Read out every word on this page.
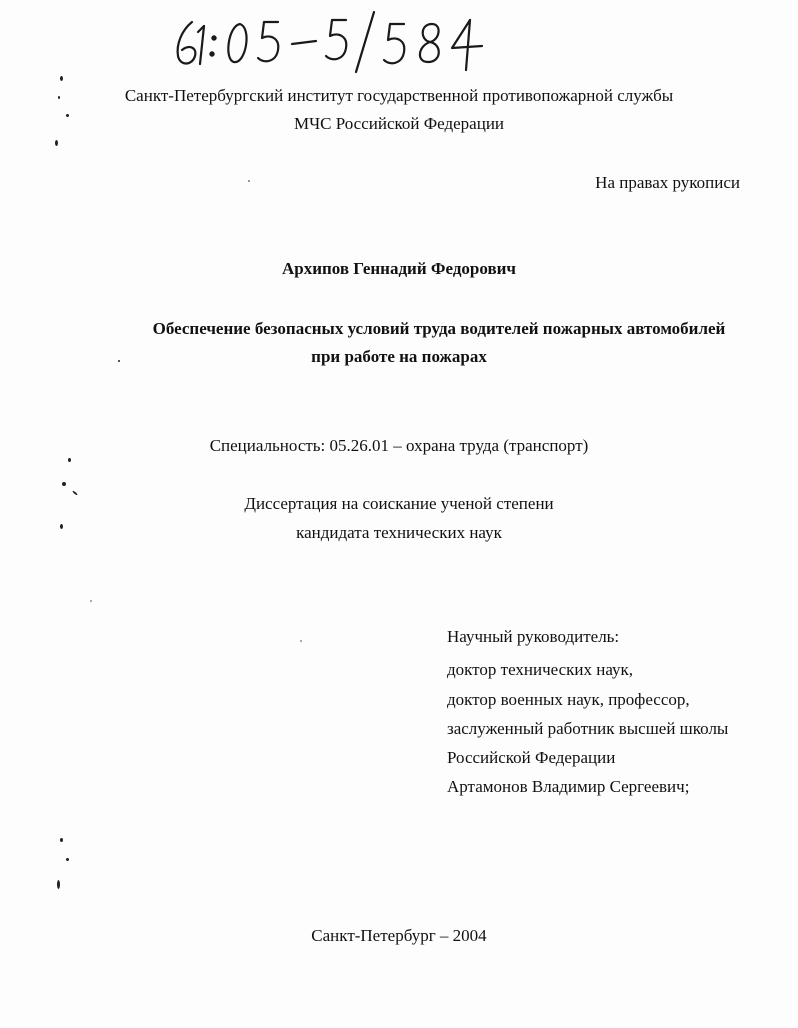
Санкт-Петербургский институт государственной противопожарной службы
МЧС Российской Федерации
На правах рукописи
Архипов Геннадий Федорович
Обеспечение безопасных условий труда водителей пожарных автомобилей
при работе на пожарах
Специальность: 05.26.01 – охрана труда (транспорт)
Диссертация на соискание ученой степени
кандидата технических наук
Научный руководитель:
доктор технических наук,
доктор военных наук, профессор,
заслуженный работник высшей школы
Российской Федерации
Артамонов Владимир Сергеевич;
Санкт-Петербург – 2004
